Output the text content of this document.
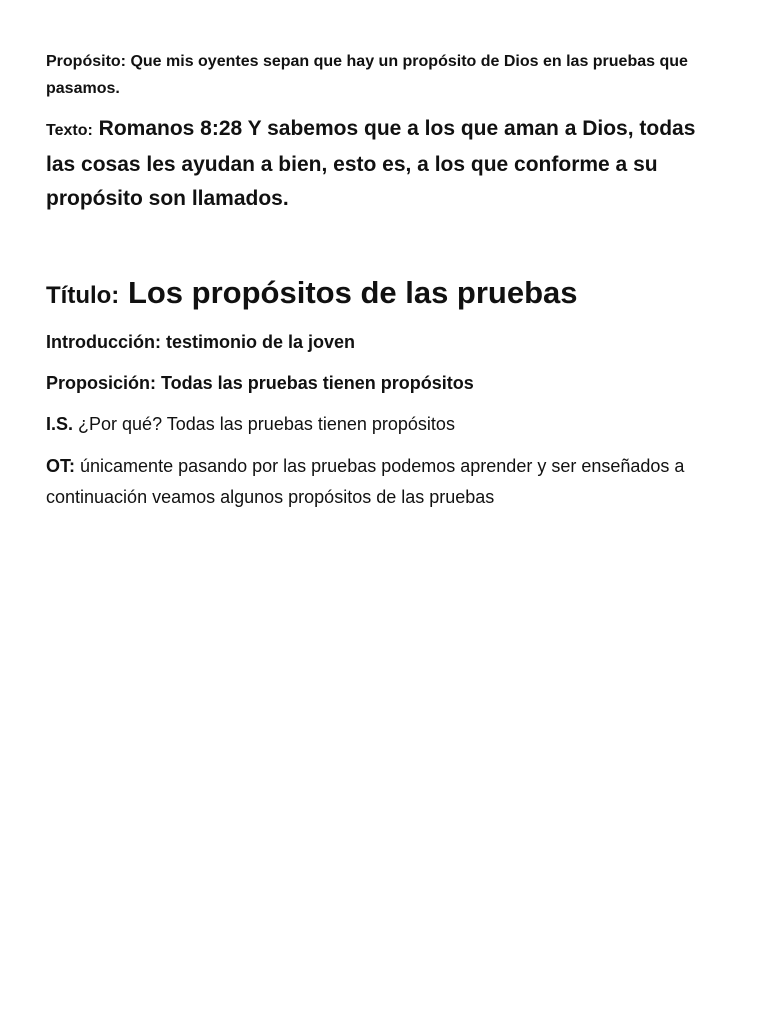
Propósito: Que mis oyentes sepan que hay un propósito de Dios en las pruebas que pasamos.
Texto: Romanos 8:28 Y sabemos que a los que aman a Dios, todas las cosas les ayudan a bien, esto es, a los que conforme a su propósito son llamados.
Título: Los propósitos de las pruebas
Introducción: testimonio de la joven
Proposición: Todas las pruebas tienen propósitos
I.S. ¿Por qué? Todas las pruebas tienen propósitos
OT: únicamente pasando por las pruebas podemos aprender y ser enseñados a continuación veamos algunos propósitos de las pruebas
